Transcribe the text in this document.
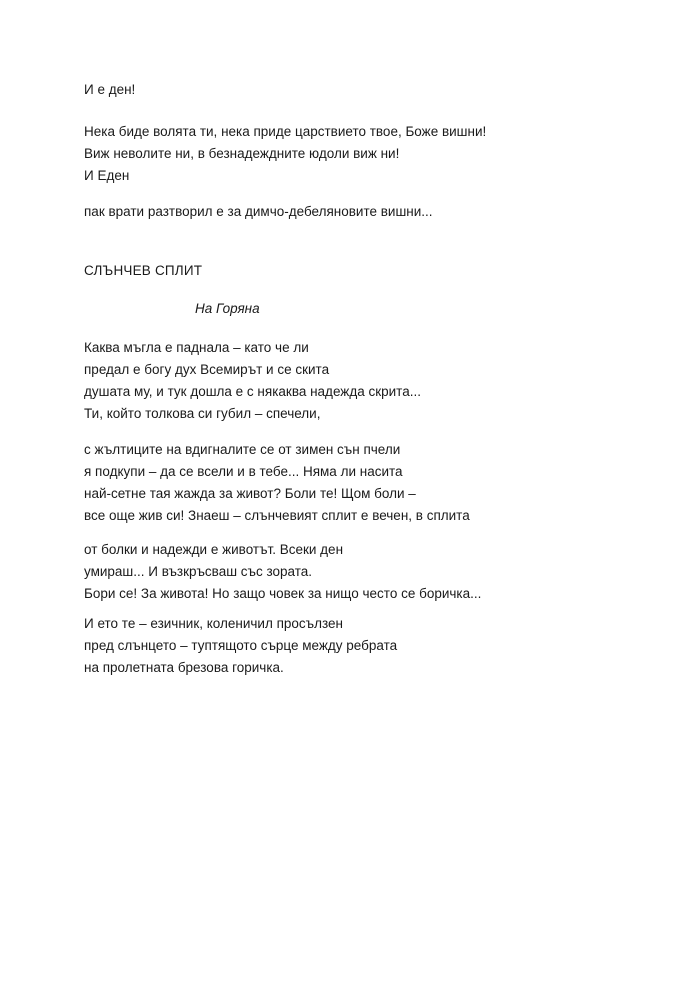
И е ден!
Нека биде волята ти, нека приде царствието твое, Боже вишни!
Виж неволите ни, в безнадеждните юдоли виж ни!
И Еден
пак врати разтворил е за димчо-дебеляновите вишни...
СЛЪНЧЕВ СПЛИТ
На Горяна
Каква мъгла е паднала – като че ли
предал е богу дух Всемирът и се скита
душата му, и тук дошла е с някаква надежда скрита...
Ти, който толкова си губил – спечели,
с жълтиците на вдигналите се от зимен сън пчели
я подкупи – да се всели и в тебе... Няма ли насита
най-сетне тая жажда за живот? Боли те! Щом боли –
все още жив си! Знаеш – слънчевият сплит е вечен, в сплита
от болки и надежди е животът. Всеки ден
умираш... И възкръсваш със зората.
Бори се! За живота! Но защо човек за нищо често се боричка...
И ето те – езичник, коленичил просълзен
пред слънцето – туптящото сърце между ребрата
на пролетната брезова горичка.
